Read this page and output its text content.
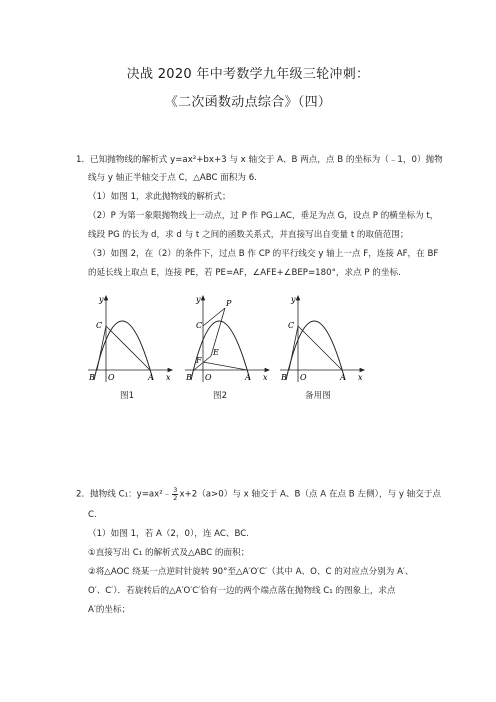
决战 2020 年中考数学九年级三轮冲刺：
《二次函数动点综合》（四）
1．已知抛物线的解析式 y=ax²+bx+3 与 x 轴交于 A、B 两点，点 B 的坐标为（﹣1，0）抛物
线与 y 轴正半轴交于点 C，△ABC 面积为 6.
（1）如图 1，求此抛物线的解析式；
（2）P 为第一象限抛物线上一动点，过 P 作 PG⊥AC，垂足为点 G，设点 P 的横坐标为 t，
线段 PG 的长为 d，求 d 与 t 之间的函数关系式，并直接写出自变量 t 的取值范围；
（3）如图 2，在（2）的条件下，过点 B 作 CP 的平行线交 y 轴上一点 F，连接 AF，在 BF
的延长线上取点 E，连接 PE，若 PE=AF，∠AFE+∠BEP=180°，求点 P 的坐标.
y
C
B O	A x
图1
y	P
C
E
F
B O	A x
图2
y
C
B O	A x
备用图
2．抛物线 C₁：y=ax²﹣ $\frac{3}{2} x+2(a>0)$与 x 轴交于 A、B（点 A 在点 B 左侧），与 y 轴交于点
C.
（1）如图 1，若 A（2，0），连 AC、BC.
①直接写出 C₁ 的解析式及△ABC 的面积；
②将△AOC 绕某一点逆时针旋转 90°至△A′O′C′（其中 A、O、C 的对应点分别为 A′、
O′、C′）．若旋转后的△A′O′C′恰有一边的两个端点落在抛物线 C₁ 的图象上，求点
A′的坐标；
